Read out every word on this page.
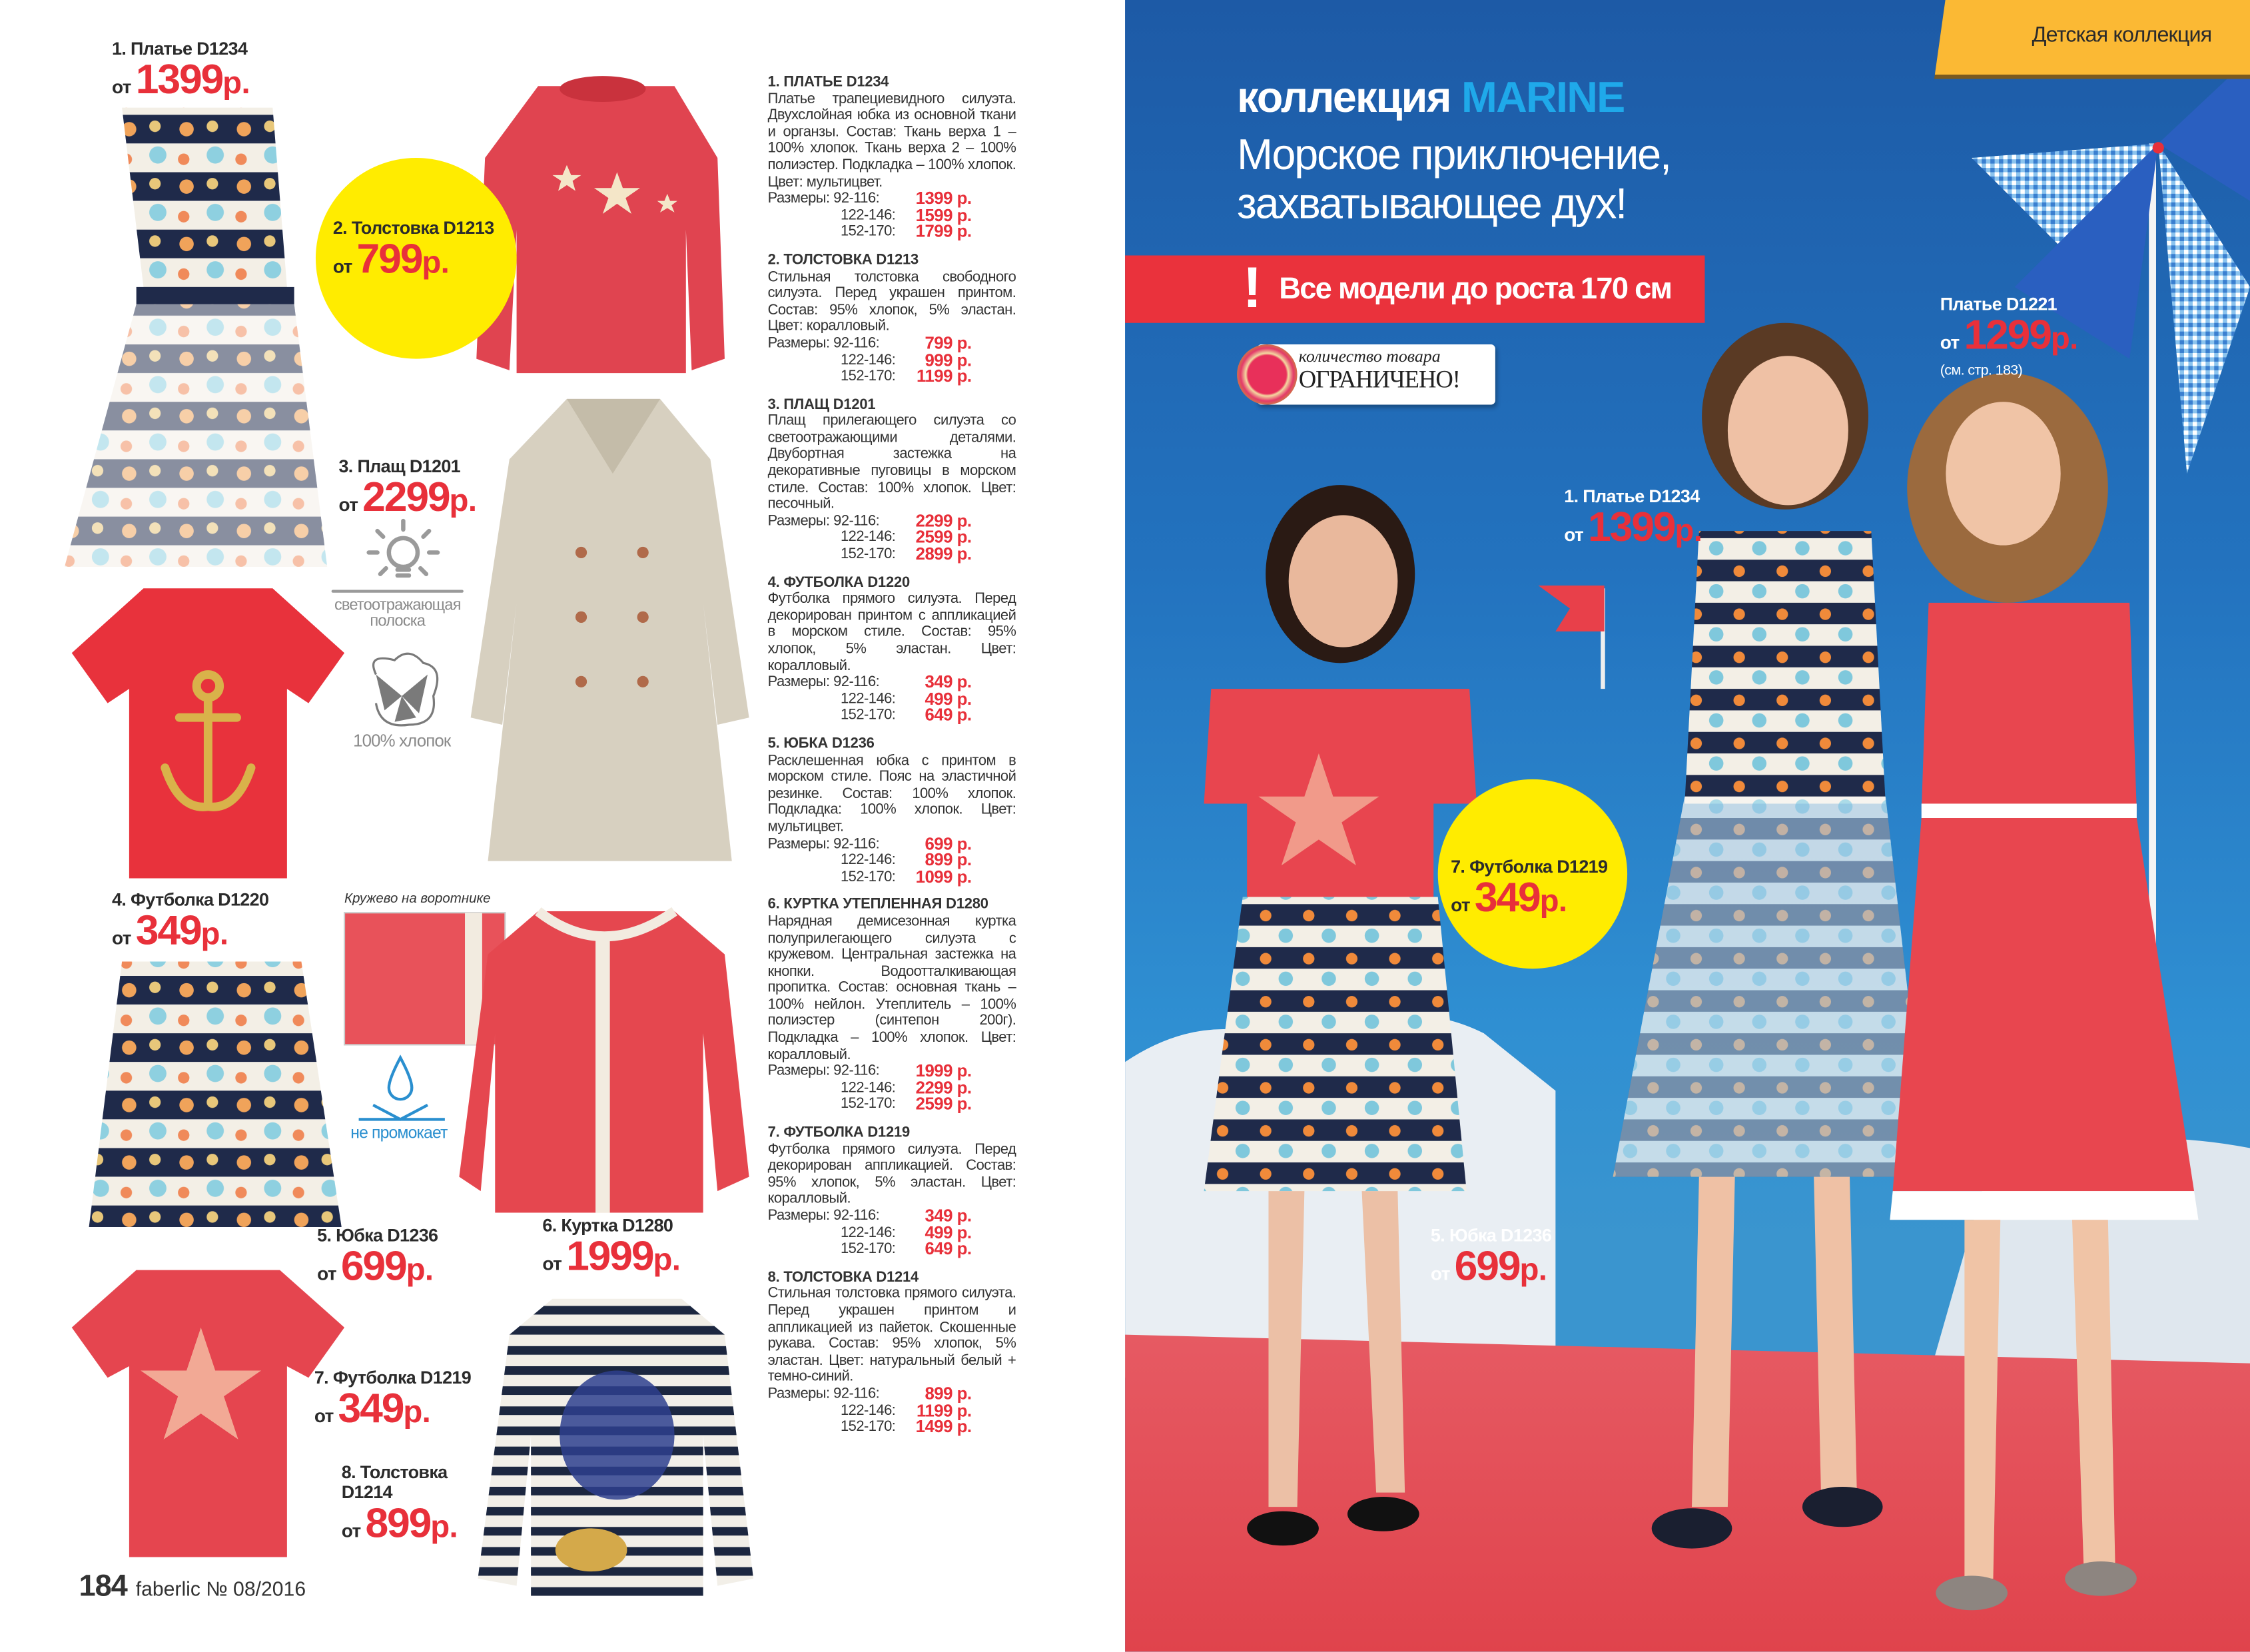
1. Платье D1234
от 1399р.
2. Толстовка D1213
от 799р.
3. Плащ D1201
от 2299р.
4. Футболка D1220
от 349р.
5. Юбка D1236
от 699р.
6. Куртка D1280
от 1999р.
7. Футболка D1219
от 349р.
8. Толстовка D1214
от 899р.
светоотражающая полоска
100% хлопок
Кружево на воротнике
не промокает
1. ПЛАТЬЕ D1234
Платье трапециевидного силуэта. Двухслойная юбка из основной ткани и органзы. Состав: Ткань верха 1 – 100% хлопок. Ткань верха 2 – 100% полиэстер. Подкладка – 100% хлопок. Цвет: мультицвет.
Размеры: 92-116:	1399 р.
122-146:	1599 р.
152-170:	1799 р.
2. ТОЛСТОВКА D1213
Стильная толстовка свободного силуэта. Перед украшен принтом. Состав: 95% хлопок, 5% эластан. Цвет: коралловый.
Размеры: 92-116:	799 р.
122-146:	999 р.
152-170:	1199 р.
3. ПЛАЩ D1201
Плащ прилегающего силуэта со светоотражающими деталями. Двубортная застежка на декоративные пуговицы в морском стиле. Состав: 100% хлопок. Цвет: песочный.
Размеры: 92-116:	2299 р.
122-146:	2599 р.
152-170:	2899 р.
4. ФУТБОЛКА D1220
Футболка прямого силуэта. Перед декорирован принтом с аппликацией в морском стиле. Состав: 95% хлопок, 5% эластан. Цвет: коралловый.
Размеры: 92-116:	349 р.
122-146:	499 р.
152-170:	649 р.
5. ЮБКА D1236
Расклешенная юбка с принтом в морском стиле. Пояс на эластичной резинке. Состав: 100% хлопок. Подкладка: 100% хлопок. Цвет: мультицвет.
Размеры: 92-116:	699 р.
122-146:	899 р.
152-170:	1099 р.
6. КУРТКА УТЕПЛЕННАЯ D1280
Нарядная демисезонная куртка полуприлегающего силуэта с кружевом. Центральная застежка на кнопки. Водоотталкивающая пропитка. Состав: основная ткань – 100% нейлон. Утеплитель – 100% полиэстер (синтепон 200г). Подкладка – 100% хлопок. Цвет: коралловый.
Размеры: 92-116:	1999 р.
122-146:	2299 р.
152-170:	2599 р.
7. ФУТБОЛКА D1219
Футболка прямого силуэта. Перед декорирован аппликацией. Состав: 95% хлопок, 5% эластан. Цвет: коралловый.
Размеры: 92-116:	349 р.
122-146:	499 р.
152-170:	649 р.
8. ТОЛСТОВКА D1214
Стильная толстовка прямого силуэта. Перед украшен принтом и аппликацией из пайеток. Скошенные рукава. Состав: 95% хлопок, 5% эластан. Цвет: натуральный белый + темно-синий.
Размеры: 92-116:	899 р.
122-146:	1199 р.
152-170:	1499 р.
184 faberlic № 08/2016
Детская коллекция
коллекция MARINE
Морское приключение,
захватывающее дух!
! Все модели до роста 170 см
количество товара
ОГРАНИЧЕНО!
Платье D1221
от 1299р.
(см. стр. 183)
1. Платье D1234
от 1399р.
7. Футболка D1219
от 349р.
5. Юбка D1236
от 699р.
